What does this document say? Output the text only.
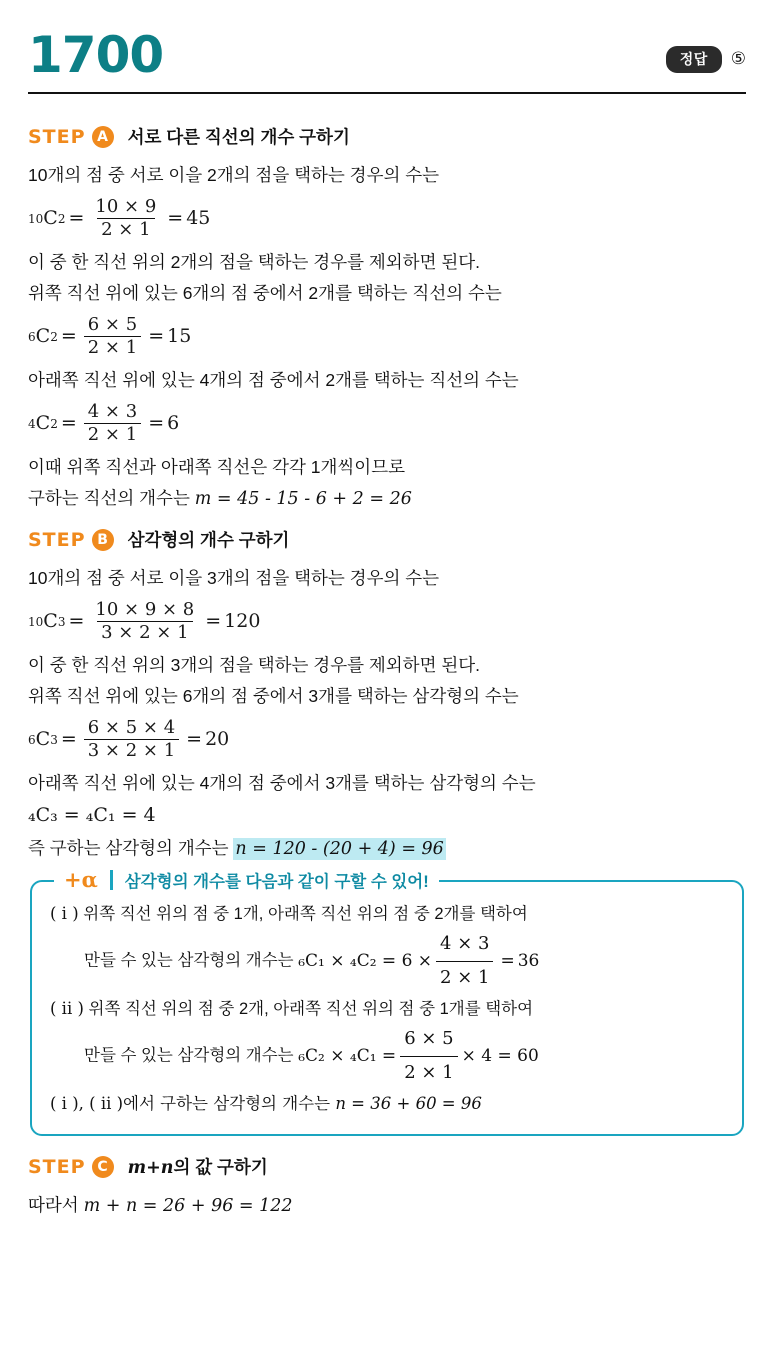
1700	정답	⑤
STEP A	서로 다른 직선의 개수 구하기
10개의 점 중 서로 이을 2개의 점을 택하는 경우의 수는
10 C $2 = \frac{10 \times 9}{2 \times 1} = 45$
이 중 한 직선 위의 2개의 점을 택하는 경우를 제외하면 된다.
위쪽 직선 위에 있는 6개의 점 중에서 2개를 택하는 직선의 수는
6 C $2 = \frac{6 \times 5}{2 \times 1} = 15$
아래쪽 직선 위에 있는 4개의 점 중에서 2개를 택하는 직선의 수는
4 C $2 = \frac{4 \times 3}{2 \times 1} = 6$
이때 위쪽 직선과 아래쪽 직선은 각각 1개씩이므로
구하는 직선의 개수는 m = 45 - 15 - 6 + 2 = 26
STEP B	삼각형의 개수 구하기
10개의 점 중 서로 이을 3개의 점을 택하는 경우의 수는
10 C $3 = \frac{10 \times 9 \times 8}{3 \times 2 \times 1} = 120$
이 중 한 직선 위의 3개의 점을 택하는 경우를 제외하면 된다.
위쪽 직선 위에 있는 6개의 점 중에서 3개를 택하는 삼각형의 수는
6 C $3 = \frac{6 \times 5 \times 4}{3 \times 2 \times 1} = 20$
아래쪽 직선 위에 있는 4개의 점 중에서 3개를 택하는 삼각형의 수는
₄C₃ = ₄C₁ = 4
즉 구하는 삼각형의 개수는 n = 120 - (20 + 4) = 96
+α 삼각형의 개수를 다음과 같이 구할 수 있어!
( i ) 위쪽 직선 위의 점 중 1개, 아래쪽 직선 위의 점 중 2개를 택하여
만들 수 있는 삼각형의 개수는 $_6C_1 \times _4C_2 = 6 \times \frac{4 \times 3}{2 \times 1} = 36$
( ii ) 위쪽 직선 위의 점 중 2개, 아래쪽 직선 위의 점 중 1개를 택하여
만들 수 있는 삼각형의 개수는 $_6C_2 \times _4C_1 = \frac{6 \times 5}{2 \times 1} \times 4 = 60$
( i ), ( ii )에서 구하는 삼각형의 개수는 n = 36 + 60 = 96
STEP C	m+n의 값 구하기
따라서 m + n = 26 + 96 = 122
